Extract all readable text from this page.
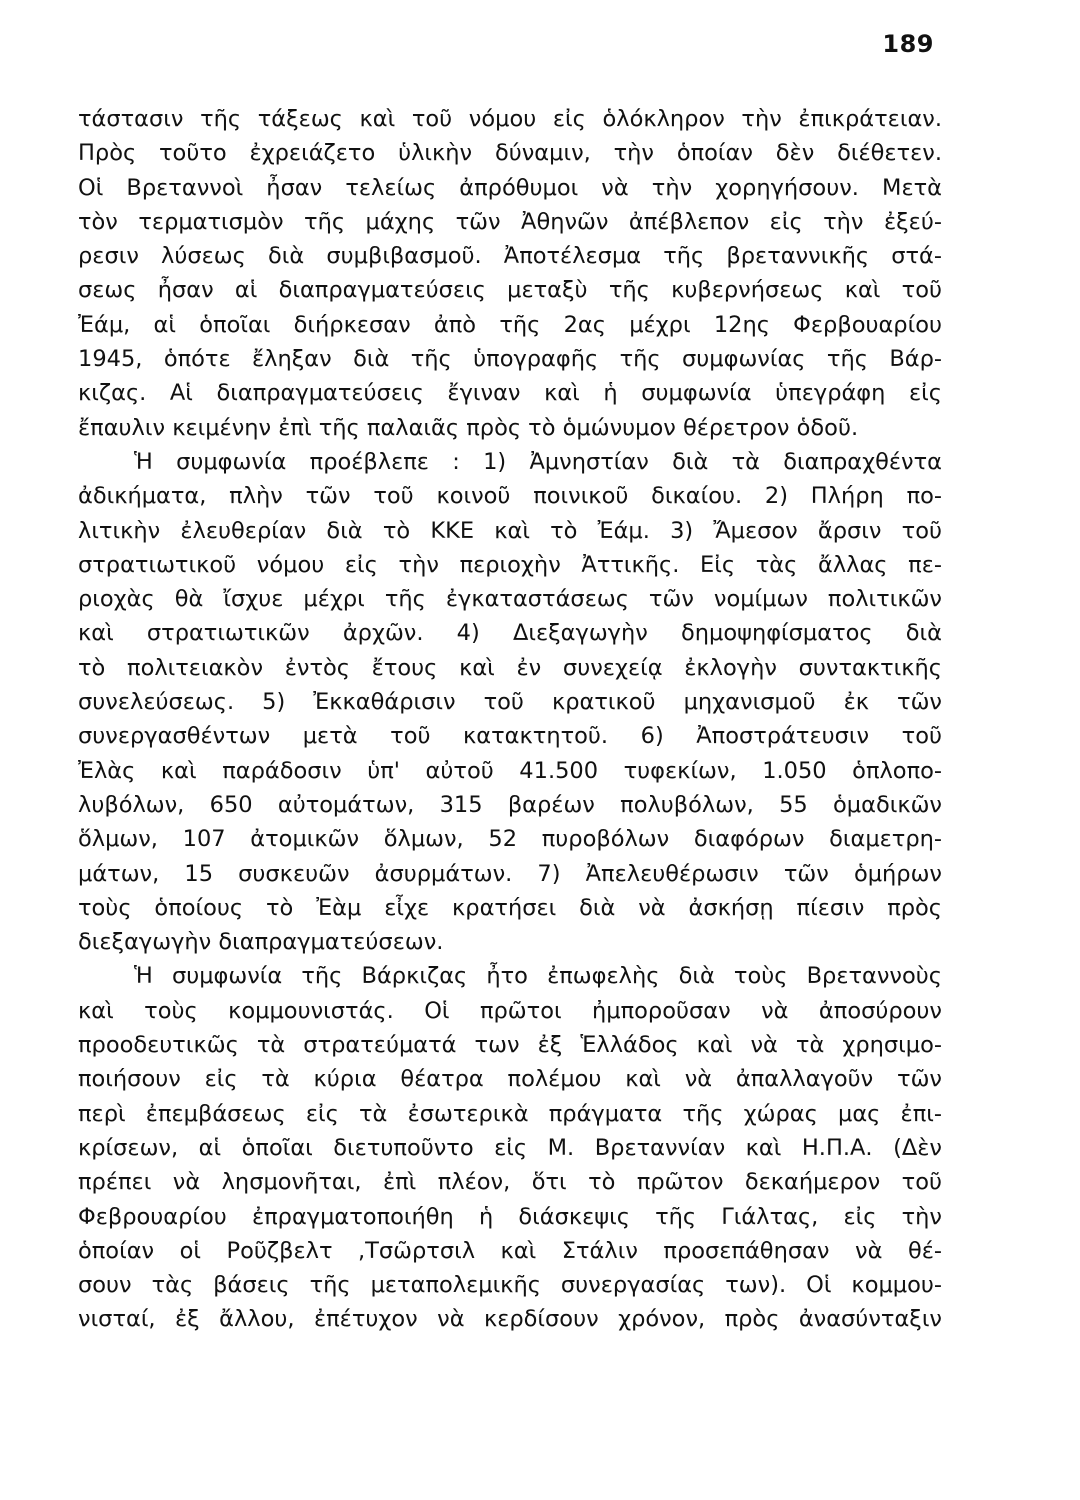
189
τάστασιν τῆς τάξεως καὶ τοῦ νόμου εἰς ὁλόκληρον τὴν ἐπικράτειαν.
Πρὸς τοῦτο ἐχρειάζετο ὑλικὴν δύναμιν, τὴν ὁποίαν δὲν διέθετεν.
Οἱ Βρεταννοὶ ἦσαν τελείως ἀπρόθυμοι νὰ τὴν χορηγήσουν. Μετὰ
τὸν τερματισμὸν τῆς μάχης τῶν Ἀθηνῶν ἀπέβλεπον εἰς τὴν ἐξεύ-
ρεσιν λύσεως διὰ συμβιβασμοῦ. Ἀποτέλεσμα τῆς βρεταννικῆς στά-
σεως ἦσαν αἱ διαπραγματεύσεις μεταξὺ τῆς κυβερνήσεως καὶ τοῦ
Ἐάμ, αἱ ὁποῖαι διήρκεσαν ἀπὸ τῆς 2ας μέχρι 12ης Φερβουαρίου
1945, ὁπότε ἔληξαν διὰ τῆς ὑπογραφῆς τῆς συμφωνίας τῆς Βάρ-
κιζας. Αἱ διαπραγματεύσεις ἔγιναν καὶ ἡ συμφωνία ὑπεγράφη εἰς
ἔπαυλιν κειμένην ἐπὶ τῆς παλαιᾶς πρὸς τὸ ὁμώνυμον θέρετρον ὁδοῦ.
Ἡ συμφωνία προέβλεπε : 1) Ἀμνηστίαν διὰ τὰ διαπραχθέντα
ἀδικήματα, πλὴν τῶν τοῦ κοινοῦ ποινικοῦ δικαίου. 2) Πλήρη πο-
λιτικὴν ἐλευθερίαν διὰ τὸ ΚΚΕ καὶ τὸ Ἐάμ. 3) Ἄμεσον ἄρσιν τοῦ
στρατιωτικοῦ νόμου εἰς τὴν περιοχὴν Ἀττικῆς. Εἰς τὰς ἄλλας πε-
ριοχὰς θὰ ἴσχυε μέχρι τῆς ἐγκαταστάσεως τῶν νομίμων πολιτικῶν
καὶ στρατιωτικῶν ἀρχῶν. 4) Διεξαγωγὴν δημοψηφίσματος διὰ
τὸ πολιτειακὸν ἐντὸς ἔτους καὶ ἐν συνεχείᾳ ἐκλογὴν συντακτικῆς
συνελεύσεως. 5) Ἐκκαθάρισιν τοῦ κρατικοῦ μηχανισμοῦ ἐκ τῶν
συνεργασθέντων μετὰ τοῦ κατακτητοῦ. 6) Ἀποστράτευσιν τοῦ
Ἐλὰς καὶ παράδοσιν ὑπ' αὐτοῦ 41.500 τυφεκίων, 1.050 ὁπλοπο-
λυβόλων, 650 αὐτομάτων, 315 βαρέων πολυβόλων, 55 ὁμαδικῶν
ὅλμων, 107 ἀτομικῶν ὅλμων, 52 πυροβόλων διαφόρων διαμετρη-
μάτων, 15 συσκευῶν ἀσυρμάτων. 7) Ἀπελευθέρωσιν τῶν ὁμήρων
τοὺς ὁποίους τὸ Ἐὰμ εἶχε κρατήσει διὰ νὰ ἀσκήσῃ πίεσιν πρὸς
διεξαγωγὴν διαπραγματεύσεων.
Ἡ συμφωνία τῆς Βάρκιζας ἦτο ἐπωφελὴς διὰ τοὺς Βρεταννοὺς
καὶ τοὺς κομμουνιστάς. Οἱ πρῶτοι ἠμποροῦσαν νὰ ἀποσύρουν
προοδευτικῶς τὰ στρατεύματά των ἐξ Ἑλλάδος καὶ νὰ τὰ χρησιμο-
ποιήσουν εἰς τὰ κύρια θέατρα πολέμου καὶ νὰ ἀπαλλαγοῦν τῶν
περὶ ἐπεμβάσεως εἰς τὰ ἐσωτερικὰ πράγματα τῆς χώρας μας ἐπι-
κρίσεων, αἱ ὁποῖαι διετυποῦντο εἰς Μ. Βρεταννίαν καὶ Η.Π.Α. (Δὲν
πρέπει νὰ λησμονῆται, ἐπὶ πλέον, ὅτι τὸ πρῶτον δεκαήμερον τοῦ
Φεβρουαρίου ἐπραγματοποιήθη ἡ διάσκεψις τῆς Γιάλτας, εἰς τὴν
ὁποίαν οἱ Ροῦζβελτ ,Τσῶρτσιλ καὶ Στάλιν προσεπάθησαν νὰ θέ-
σουν τὰς βάσεις τῆς μεταπολεμικῆς συνεργασίας των). Οἱ κομμου-
νισταί, ἐξ ἄλλου, ἐπέτυχον νὰ κερδίσουν χρόνον, πρὸς ἀνασύνταξιν
